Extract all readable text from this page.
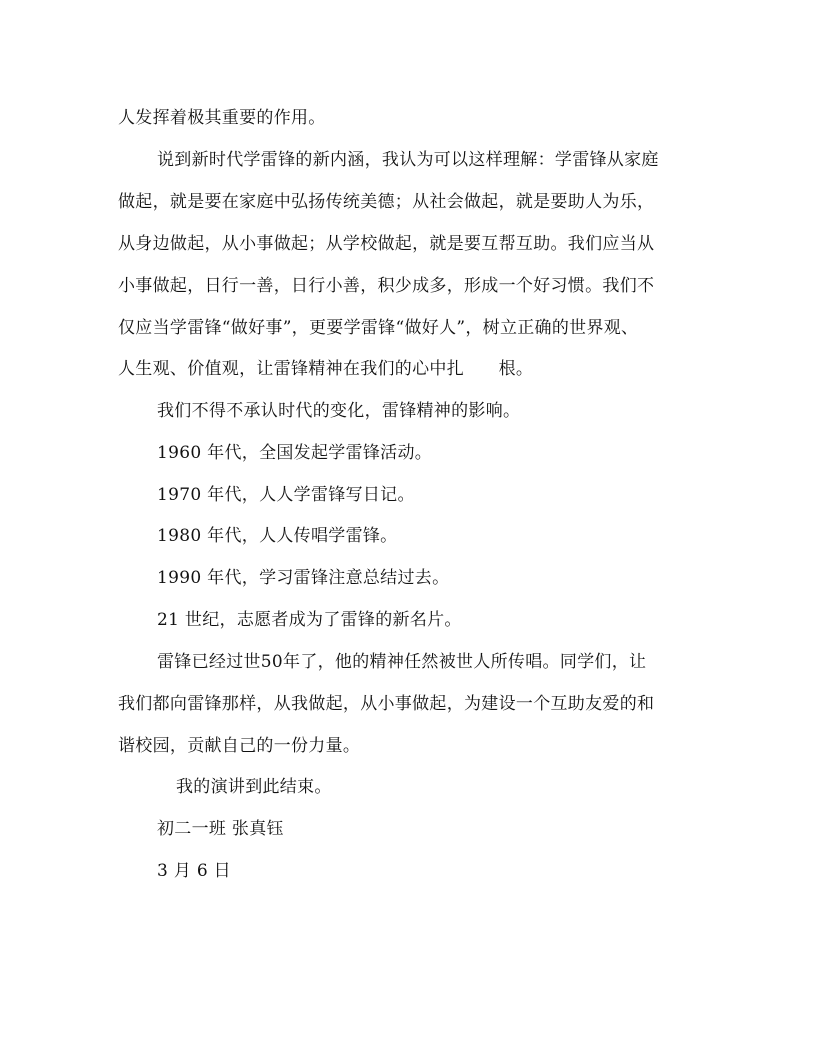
人发挥着极其重要的作用。
说到新时代学雷锋的新内涵，我认为可以这样理解：学雷锋从家庭
做起，就是要在家庭中弘扬传统美德；从社会做起，就是要助人为乐，
从身边做起，从小事做起；从学校做起，就是要互帮互助。我们应当从
小事做起，日行一善，日行小善，积少成多，形成一个好习惯。我们不
仅应当学雷锋“做好事”，更要学雷锋“做好人”，树立正确的世界观、
人生观、价值观，让雷锋精神在我们的心中扎　　根。
我们不得不承认时代的变化，雷锋精神的影响。
1960 年代，全国发起学雷锋活动。
1970 年代，人人学雷锋写日记。
1980 年代，人人传唱学雷锋。
1990 年代，学习雷锋注意总结过去。
21 世纪，志愿者成为了雷锋的新名片。
雷锋已经过世50年了，他的精神任然被世人所传唱。同学们，让
我们都向雷锋那样，从我做起，从小事做起，为建设一个互助友爱的和
谐校园，贡献自己的一份力量。
我的演讲到此结束。
初二一班 张真钰
3 月 6 日
